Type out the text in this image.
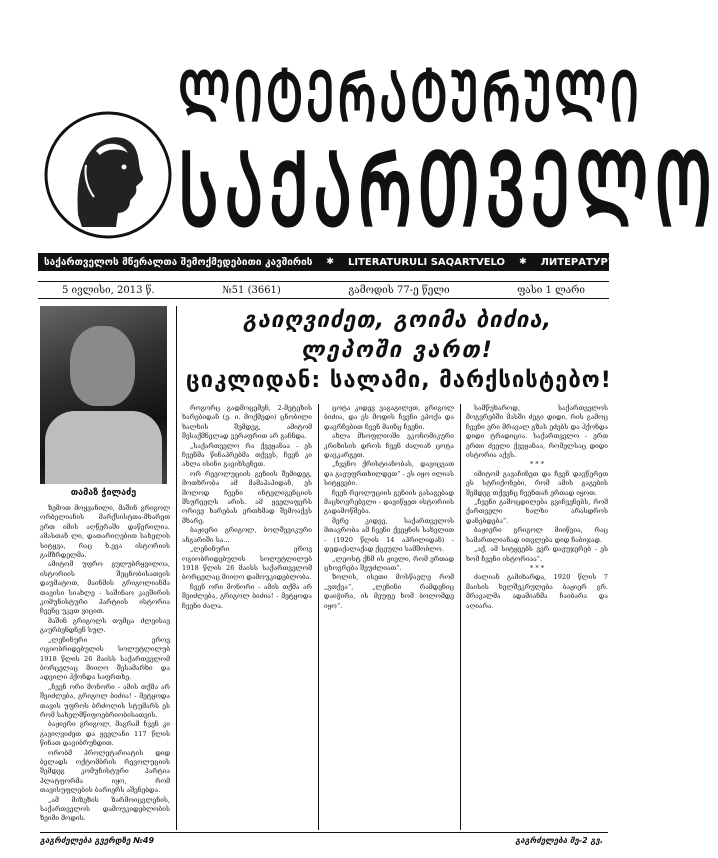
ᲚᲘᲢᲔᲠᲐᲢᲣᲠᲣᲚᲘ
ᲡᲐᲥᲐᲠᲗᲕᲔᲚᲝ
საქართველოს მწერალთა შემოქმედებითი კავშირის ✱ LITERATURULI SAQARTVELO ✱ ЛИТЕРАТУРУЛИ САКАРТВЕЛО
5 ივლისი, 2013 წ.	№51 (3661)	გამოდის 77-ე წელი	ფასი 1 ლარი
თამაზ ჭილაძე
გაიღვიძეთ, გოიმა ბიძია,
ლეპოში ვართ!
ციკლიდან: სალამი, მარქსისტებო!

ზემოთ მოყვანილი, მაშინ გრიგოლ ორბელიანის მარქსისტთა-მხარეთ ერთ იმის აღწერაში დაწერილია. ამასთან ლი, დათარიღებით სახელის სიტყვა, რაც ხ.ევა ისტორიის გამზრდელმა.

ამიტომ უფრო გულუბრყვილოა, ისტორიის შეცნობისათვის დაუმატოთ, მაინმის გრიგოლიანმა თავისი სიახლე - საშინაო კავშირის კომუნისტური პარტიის ისტორია ჩვენც უკეთ ვიცით.

მაშინ გრიგოლს თუმცა ძლეისავ გაურბენდნენ სულ.

„ლენინური ეროვ ოგიობრიდებულის სოლუტლილუბ 1918 წლის 26 მაისს საქართველომ ბორცელაც მიიღო შესამარხი და ადვილი ჰქონდა საფრთხე.

„ჩვენ ორი მონორი - ამის თქმა არ შეიძლება, გრიგოლ ბიძია! - მეტყოდა თავის უფროს ბრძოლის სტუმარს ეს რომ სახელმწიფოებრიობისათვის.

ბაჟიერი გრიგოლ, მაგრამ ჩვენ კი გავიღვიძეთ და ყველანი 117 წლის წინათ დავიბრუნდით.

ორობმ პროლეტარიატის დიდ ბელადს ოქტომბრის რევოლუციის შემდეგ კომუნისტური პარტია პლატფორმა იყო, რომ თავისუფლების ბარიერს აშენებდა.

„ამ მიზეზის ზარმოიცვლენის, საქართველოს დამოუკიდებლობის ზეიმი მოდის.

როგორც გადმოცემენ, 2-მეტეხის ხარებიდან (ე. ი. მოქმედი) ცნობილი ხალხის შემდეგ, ამიტომ შესაქმნელად ვერაფრით არ გაჩნდა.

„საქართველო რა ქვეყანაა - ეს ჩვენმა წინაპრებმა თქვეს, ჩვენ კი ახლა ისინი გავიხსენეთ.

ორ რევოლუციის გენიის შემიდეგ, მოთხრობა ამ მამაპაპიდან, ეს მოლოდ ჩვენი ინტელიგენციის მსურველს არის. ამ ყველაფერს ორივე ხარებას ერთხმად შემოაქვს მხარე.

ბაჟიერი გრიგოლ, ბოლშევიკური ანგარიში სა...

„ლენინური ეროვ ოგიობრიდებულის სოლუტლილუბ 1918 წლის 26 მაისს საქართველომ ბორცელაც მიიღო დამოუკიდებლობა.

ჩვენ ორი მონორი - ამის თქმა არ შეიძლება, გრიგოლ ბიძია! - მეტყოდა ჩვენი ძალა.

ცოტა კიდევ ვაგაგილეთ, გრიგოლ ბიძია, და ეს მოდის ჩვენი ეპოქა და დავრჩებით ჩვენ მაინც ჩვენი.

ახლა მსოფლიოში ეკონომიკური კრიზისის დროს ჩვენ ძალიან ცოტა დავკარგეთ.

„ჩვენო ქრისტიანობას, დავიცვათ და გავუფრთხილდეთ“ - ეს იყო ილიას სიტყვები.

ჩვენ რეოლუციის გენიის გასაგებად მაცხოვრებელი - დავიწყეთ ისტორიის გადამოწმება.

მერე კიდევ, საქართველოს მთავრობა ამ ჩვენი ქვეყნის სახელით - (1920 წლის 14 აპრილიდან) - დედაქალაქად ქცეული სამშობლო.

„ლეოსტ ქნმ ის ჟიელი, რომ ერთად ცხოვრება შეუძლიათ“.

ზოლის, ისეთი მოსწავლე რომ „ვთქვა“, „ლენინი რამდენიც დაიჭირა, ის მეუფე ხომ ბოლომდე იყო“.

სამწუხაროდ, საქართველოს მოგვრებში მასში ძეგი დიდი, რის გამოც ჩვენი ერი მრავალ გზას ეძებს და ჰქონდა დიდი ტრადიცია. საქართველო - ერთ ერთი ძველი ქვეყანაა, რომელსაც დიდი ისტორია აქვს.

* * *

იმიტომ გავაჩინეთ და ჩვენ დავწერეთ ეს სტრიქონები, რომ ამის გაგების შემდეგ თქვენც ჩვენთან ერთად იყოთ.

„ჩვენი გამოცდილება გვიჩვენებს, რომ ქართველი ხალხი არასდროს დანებდება“.

ბაჟიერი გრიგოლ მიიწვია, რაც სამართლიანად ითვლება დიდ ნაბიჯად.

„აქ, ამ სიტყვებს ვერ დავუჯერებ - ეს ხომ ჩვენი ისტორიაა“.

* * *

ძალიან გამიხარდა, 1920 წლის 7 მაისის ხელშეკრულება ბაჟიერ გრ. მრავალმა ადამიანმა ჩაიბარა და აღიარა.

გაგრძელება გვერდზე №49	გაგრძელება მე-2 გვ.
